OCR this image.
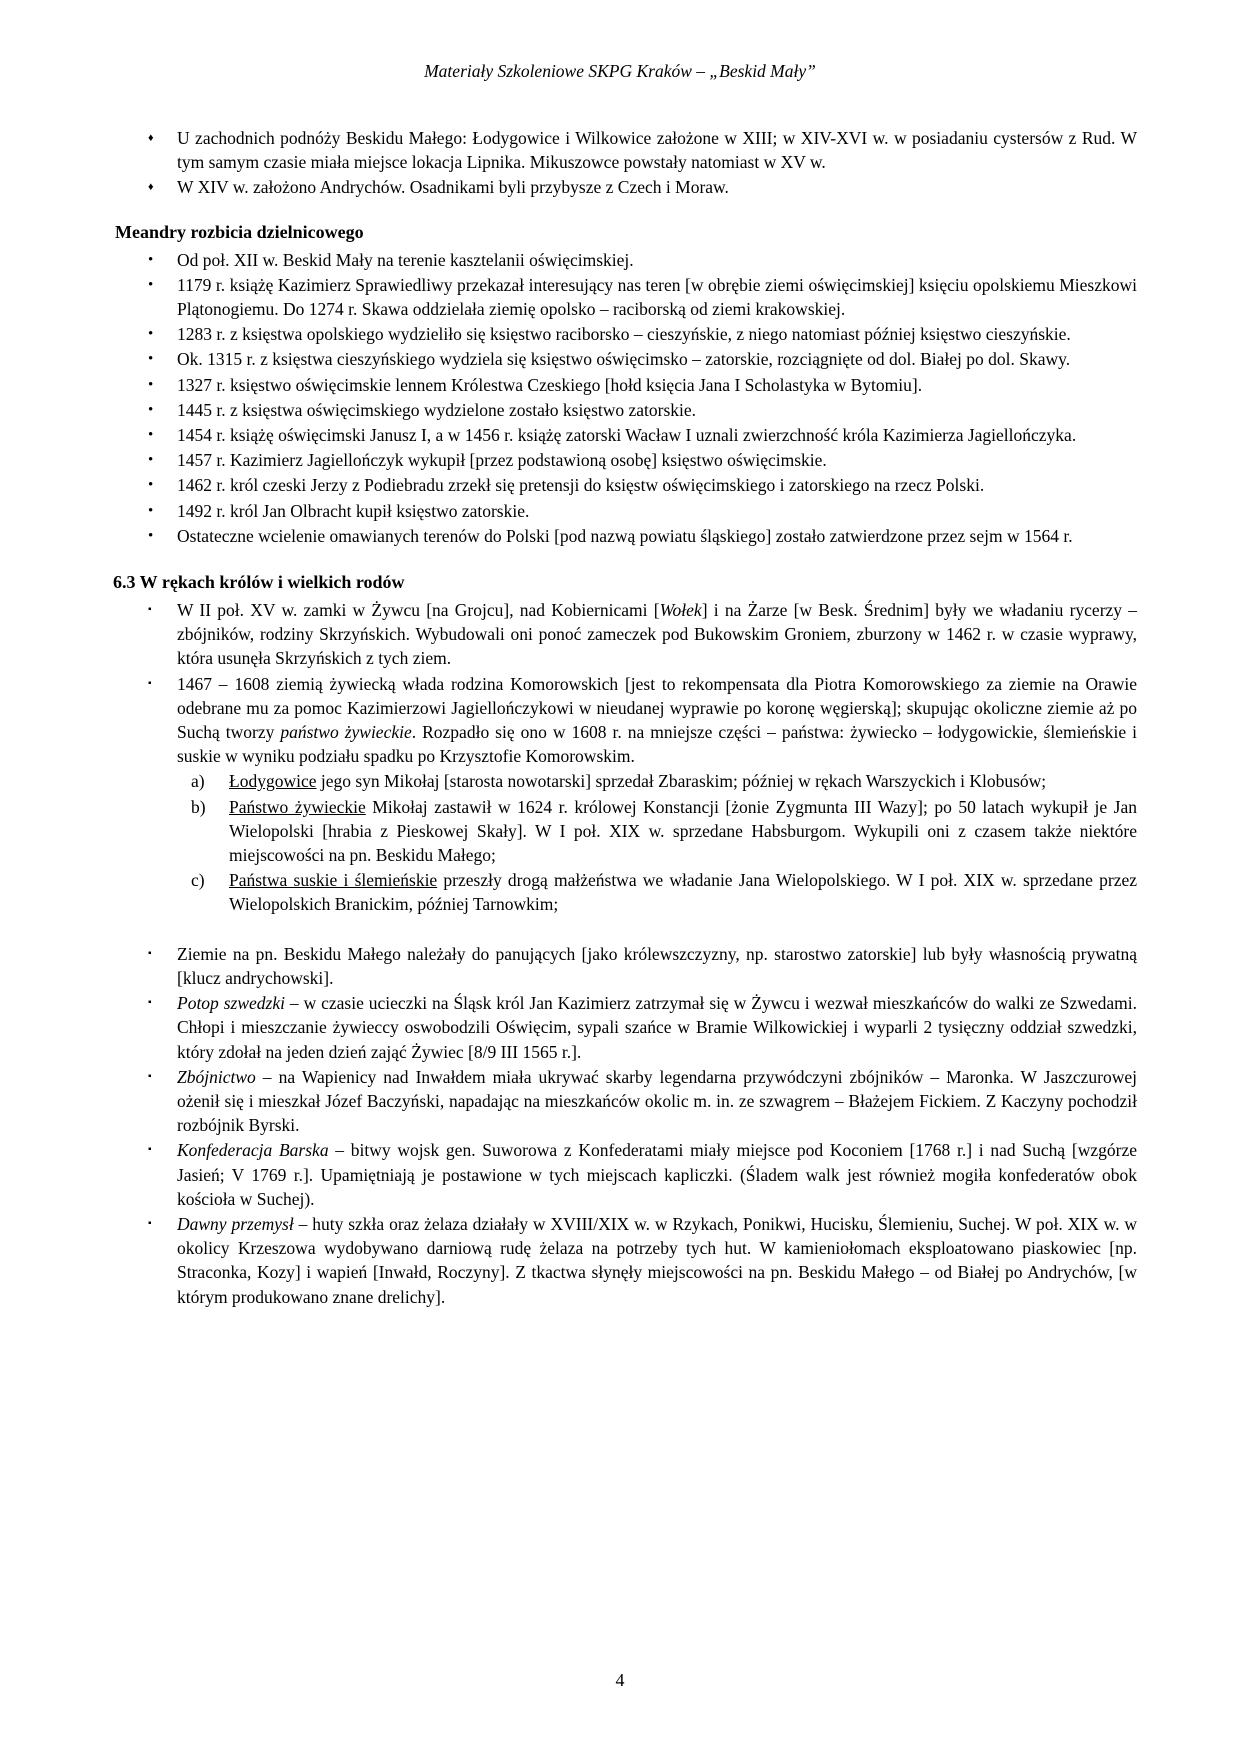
Materiały Szkoleniowe SKPG Kraków – „Beskid Mały”
♦ U zachodnich podnóży Beskidu Małego: Łodygowice i Wilkowice założone w XIII; w XIV-XVI w. w posiadaniu cystersów z Rud. W tym samym czasie miała miejsce lokacja Lipnika. Mikuszowce powstały natomiast w XV w.
♦ W XIV w. założono Andrychów. Osadnikami byli przybysze z Czech i Moraw.
Meandry rozbicia dzielnicowego
• Od poł. XII w. Beskid Mały na terenie kasztelanii oświęcimskiej.
• 1179 r. książę Kazimierz Sprawiedliwy przekazał interesujący nas teren [w obrębie ziemi oświęcimskiej] księciu opolskiemu Mieszkowi Plątonogiemu. Do 1274 r. Skawa oddzielała ziemię opolsko – raciborską od ziemi krakowskiej.
• 1283 r. z księstwa opolskiego wydzieliło się księstwo raciborsko – cieszyńskie, z niego natomiast później księstwo cieszyńskie.
• Ok. 1315 r. z księstwa cieszyńskiego wydziela się księstwo oświęcimsko – zatorskie, rozciągnięte od dol. Białej po dol. Skawy.
• 1327 r. księstwo oświęcimskie lennem Królestwa Czeskiego [hołd księcia Jana I Scholastyka w Bytomiu].
• 1445 r. z księstwa oświęcimskiego wydzielone zostało księstwo zatorskie.
• 1454 r. książę oświęcimski Janusz I, a w 1456 r. książę zatorski Wacław I uznali zwierzchność króla Kazimierza Jagiellończyka.
• 1457 r. Kazimierz Jagiellończyk wykupił [przez podstawioną osobę] księstwo oświęcimskie.
• 1462 r. król czeski Jerzy z Podiebradu zrzekł się pretensji do księstw oświęcimskiego i zatorskiego na rzecz Polski.
• 1492 r. król Jan Olbracht kupił księstwo zatorskie.
• Ostateczne wcielenie omawianych terenów do Polski [pod nazwą powiatu śląskiego] zostało zatwierdzone przez sejm w 1564 r.
6.3 W rękach królów i wielkich rodów
▪ W II poł. XV w. zamki w Żywcu [na Grojcu], nad Kobiernicami [Wołek] i na Żarze [w Besk. Średnim] były we władaniu rycerzy – zbójników, rodziny Skrzyńskich. Wybudowali oni ponoć zameczek pod Bukowskim Groniem, zburzony w 1462 r. w czasie wyprawy, która usunęła Skrzyńskich z tych ziem.
▪ 1467 – 1608 ziemią żywiecką włada rodzina Komorowskich [jest to rekompensata dla Piotra Komorowskiego za ziemie na Orawie odebrane mu za pomoc Kazimierzowi Jagiellończykowi w nieudanej wyprawie po koronę węgierską]; skupując okoliczne ziemie aż po Suchą tworzy państwo żywieckie. Rozpadło się ono w 1608 r. na mniejsze części – państwa: żywiecko – łodygowickie, ślemieńskie i suskie w wyniku podziału spadku po Krzysztofie Komorowskim.
a) Łodygowice jego syn Mikołaj [starosta nowotarski] sprzedał Zbaraskim; później w rękach Warszyckich i Klobusów;
b) Państwo żywieckie Mikołaj zastawił w 1624 r. królowej Konstancji [żonie Zygmunta III Wazy]; po 50 latach wykupił je Jan Wielopolski [hrabia z Pieskowej Skały]. W I poł. XIX w. sprzedane Habsburgom. Wykupili oni z czasem także niektóre miejscowości na pn. Beskidu Małego;
c) Państwa suskie i ślemieńskie przeszły drogą małżeństwa we władanie Jana Wielopolskiego. W I poł. XIX w. sprzedane przez Wielopolskich Branickim, później Tarnowkim;
▪ Ziemie na pn. Beskidu Małego należały do panujących [jako królewszczyzny, np. starostwo zatorskie] lub były własnością prywatną [klucz andrychowski].
▪ Potop szwedzki – w czasie ucieczki na Śląsk król Jan Kazimierz zatrzymał się w Żywcu i wezwał mieszkańców do walki ze Szwedami. Chłopi i mieszczanie żywieccy oswobodzili Oświęcim, sypali szańce w Bramie Wilkowickiej i wyparli 2 tysięczny oddział szwedzki, który zdołał na jeden dzień zająć Żywiec [8/9 III 1565 r.].
▪ Zbójnictwo – na Wapienicy nad Inwałdem miała ukrywać skarby legendarna przywódczyni zbójników – Maronka. W Jaszczurowej ożenił się i mieszkał Józef Baczyński, napadając na mieszkańców okolic m. in. ze szwagrem – Błażejem Fickiem. Z Kaczyny pochodził rozbójnik Byrski.
▪ Konfederacja Barska – bitwy wojsk gen. Suworowa z Konfederatami miały miejsce pod Koconiem [1768 r.] i nad Suchą [wzgórze Jasień; V 1769 r.]. Upamiętniają je postawione w tych miejscach kapliczki. (Śladem walk jest również mogiła konfederatów obok kościoła w Suchej).
▪ Dawny przemysł – huty szkła oraz żelaza działały w XVIII/XIX w. w Rzykach, Ponikwi, Hucisku, Ślemieniu, Suchej. W poł. XIX w. w okolicy Krzeszowa wydobywano darniową rudę żelaza na potrzeby tych hut. W kamieniołomach eksploatowano piaskowiec [np. Straconka, Kozy] i wapień [Inwałd, Roczyny]. Z tkactwa słynęły miejscowości na pn. Beskidu Małego – od Białej po Andrychów, [w którym produkowano znane drelichy].
4
